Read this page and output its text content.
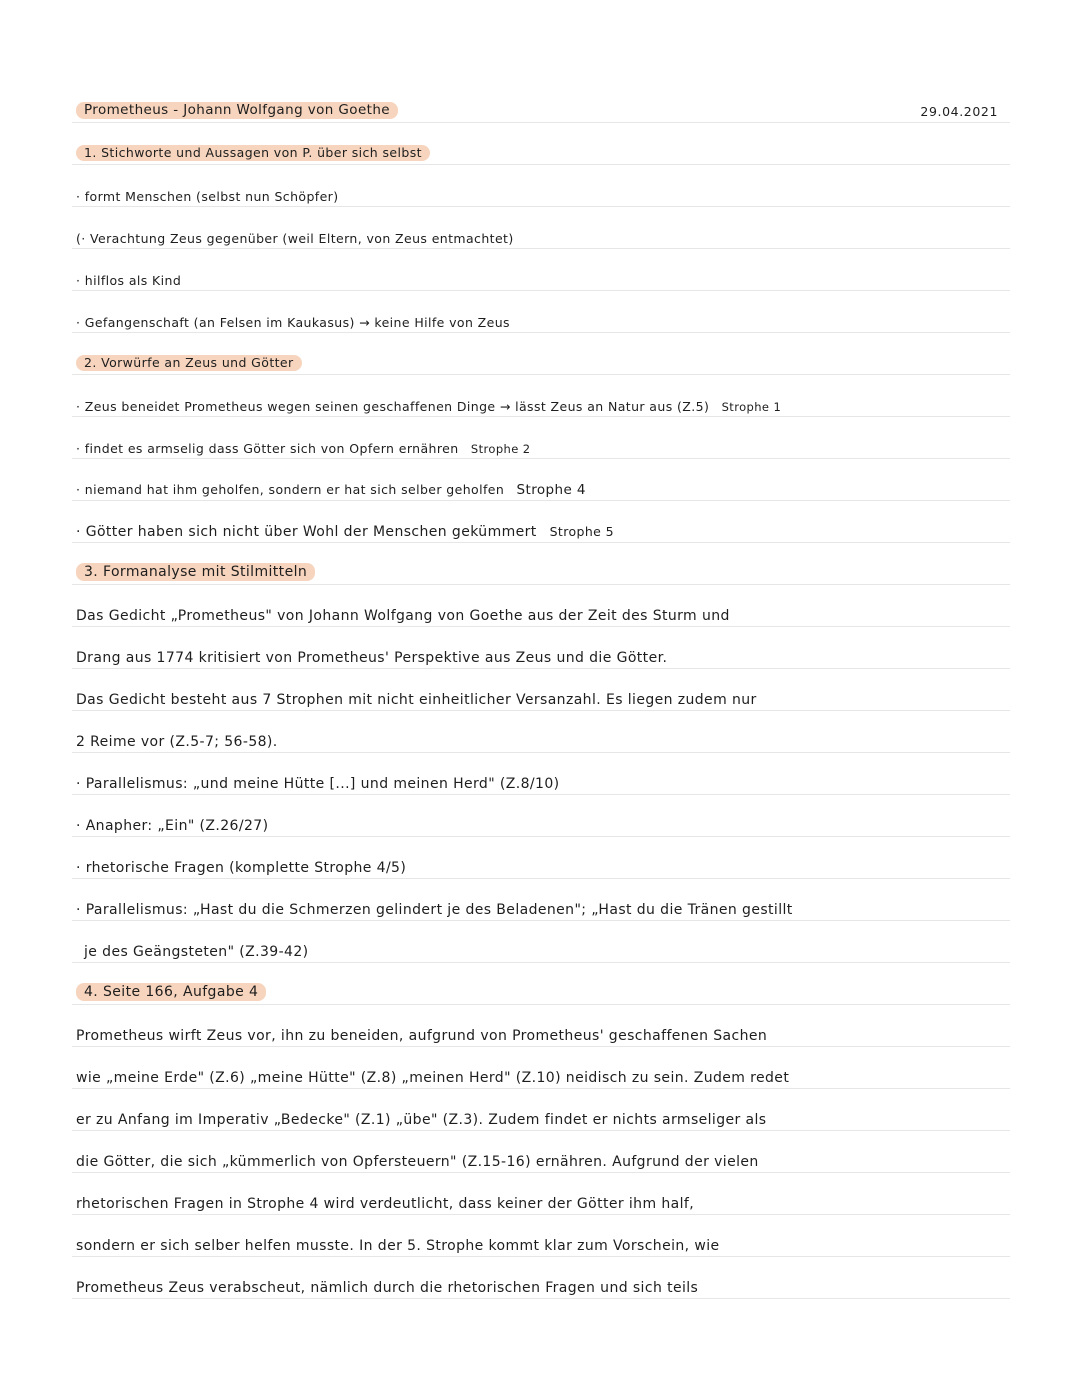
Prometheus - Johann Wolfgang von Goethe	29.04.2021
1. Stichworte und Aussagen von P. über sich selbst
· formt Menschen (selbst nun Schöpfer)
(· Verachtung Zeus gegenüber (weil Eltern, von Zeus entmachtet)
· hilflos als Kind
· Gefangenschaft (an Felsen im Kaukasus) → keine Hilfe von Zeus
2. Vorwürfe an Zeus und Götter
· Zeus beneidet Prometheus wegen seinen geschaffenen Dinge → lässt Zeus an Natur aus (Z.5) Strophe 1
· findet es armselig dass Götter sich von Opfern ernähren Strophe 2
· niemand hat ihm geholfen, sondern er hat sich selber geholfen Strophe 4
· Götter haben sich nicht über Wohl der Menschen gekümmert Strophe 5
3. Formanalyse mit Stilmitteln
Das Gedicht „Prometheus" von Johann Wolfgang von Goethe aus der Zeit des Sturm und
Drang aus 1774 kritisiert von Prometheus' Perspektive aus Zeus und die Götter.
Das Gedicht besteht aus 7 Strophen mit nicht einheitlicher Versanzahl. Es liegen zudem nur
2 Reime vor (Z.5-7; 56-58).
· Parallelismus: „und meine Hütte [...] und meinen Herd" (Z.8/10)
· Anapher: „Ein" (Z.26/27)
· rhetorische Fragen (komplette Strophe 4/5)
· Parallelismus: „Hast du die Schmerzen gelindert je des Beladenen"; „Hast du die Tränen gestillt
je des Geängsteten" (Z.39-42)
4. Seite 166, Aufgabe 4
Prometheus wirft Zeus vor, ihn zu beneiden, aufgrund von Prometheus' geschaffenen Sachen
wie „meine Erde" (Z.6) „meine Hütte" (Z.8) „meinen Herd" (Z.10) neidisch zu sein. Zudem redet
er zu Anfang im Imperativ „Bedecke" (Z.1) „übe" (Z.3). Zudem findet er nichts armseliger als
die Götter, die sich „kümmerlich von Opfersteuern" (Z.15-16) ernähren. Aufgrund der vielen
rhetorischen Fragen in Strophe 4 wird verdeutlicht, dass keiner der Götter ihm half,
sondern er sich selber helfen musste. In der 5. Strophe kommt klar zum Vorschein, wie
Prometheus Zeus verabscheut, nämlich durch die rhetorischen Fragen und sich teils
